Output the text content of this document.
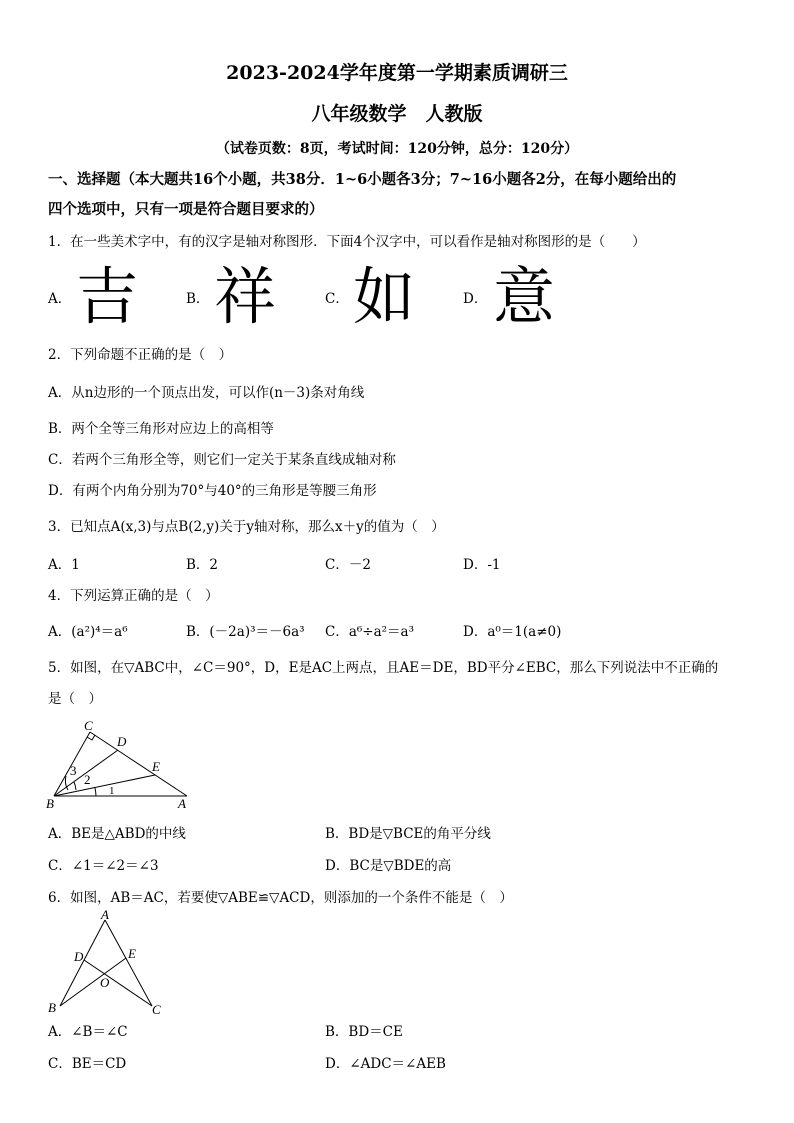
2023-2024学年度第一学期素质调研三
八年级数学　人教版
（试卷页数：8页，考试时间：120分钟，总分：120分）
一、选择题（本大题共16个小题，共38分．1~6小题各3分；7~16小题各2分，在每小题给出的
四个选项中，只有一项是符合题目要求的）
1．在一些美术字中，有的汉字是轴对称图形．下面4个汉字中，可以看作是轴对称图形的是（　　）
A． 吉	B． 祥	C． 如	D． 意
2．下列命题不正确的是（　）
A．从n边形的一个顶点出发，可以作(n－3)条对角线
B．两个全等三角形对应边上的高相等
C．若两个三角形全等，则它们一定关于某条直线成轴对称
D．有两个内角分别为70°与40°的三角形是等腰三角形
3．已知点A(x,3)与点B(2,y)关于y轴对称，那么x＋y的值为（　）
A．1	B．2	C．－2	D．-1
4．下列运算正确的是（　）
A．(a²)⁴＝a⁶	B．(－2a)³＝－6a³ C．a⁶÷a²＝a³	D．a⁰＝1(a≠0)
5．如图，在▽ABC中，∠C＝90°，D，E是AC上两点，且AE＝DE，BD平分∠EBC，那么下列说法中不正确的
是（　）
C
D
E
B	A
3
2
1
A．BE是△ABD的中线	B．BD是▽BCE的角平分线
C．∠1＝∠2＝∠3	D．BC是▽BDE的高
6．如图，AB＝AC，若要使▽ABE≌▽ACD，则添加的一个条件不能是（　）
A
D	E
O
B	C
A．∠B＝∠C	B．BD＝CE
C．BE＝CD	D．∠ADC＝∠AEB
